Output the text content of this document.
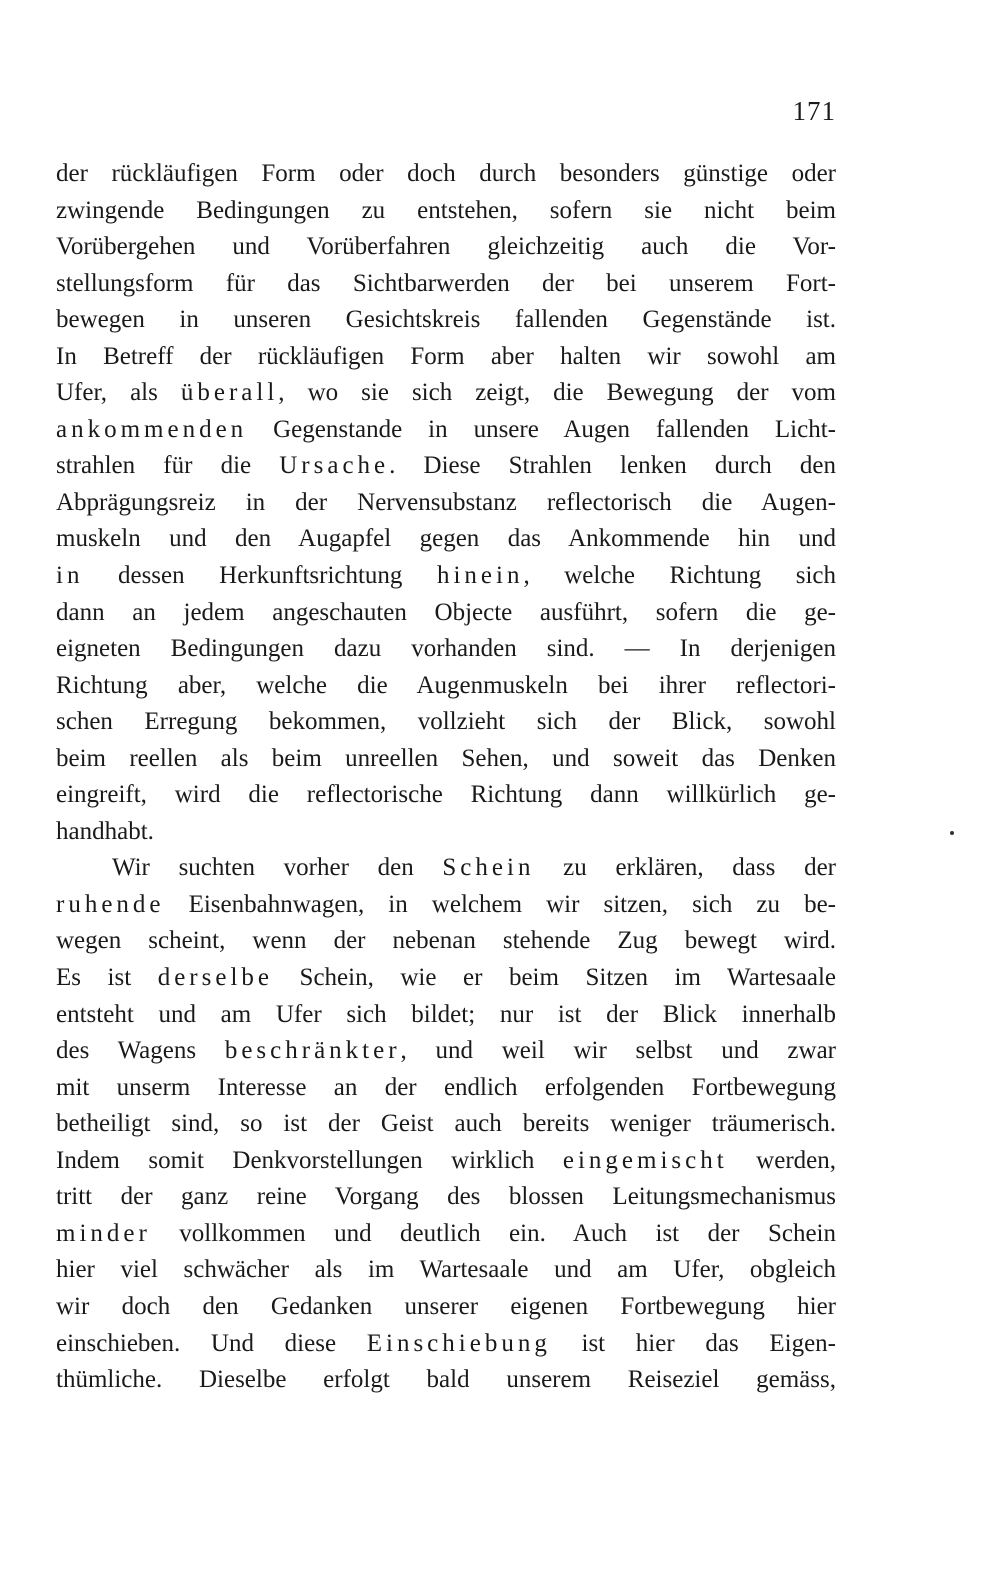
171
der rückläufigen Form oder doch durch besonders günstige oder
zwingende Bedingungen zu entstehen, sofern sie nicht beim
Vorübergehen und Vorüberfahren gleichzeitig auch die Vor-
stellungsform für das Sichtbarwerden der bei unserem Fort-
bewegen in unseren Gesichtskreis fallenden Gegenstände ist.
In Betreff der rückläufigen Form aber halten wir sowohl am
Ufer, als überall, wo sie sich zeigt, die Bewegung der vom
ankommenden Gegenstande in unsere Augen fallenden Licht-
strahlen für die Ursache. Diese Strahlen lenken durch den
Abprägungsreiz in der Nervensubstanz reflectorisch die Augen-
muskeln und den Augapfel gegen das Ankommende hin und
in dessen Herkunftsrichtung hinein, welche Richtung sich
dann an jedem angeschauten Objecte ausführt, sofern die ge-
eigneten Bedingungen dazu vorhanden sind. — In derjenigen
Richtung aber, welche die Augenmuskeln bei ihrer reflectori-
schen Erregung bekommen, vollzieht sich der Blick, sowohl
beim reellen als beim unreellen Sehen, und soweit das Denken
eingreift, wird die reflectorische Richtung dann willkürlich ge-
handhabt.
Wir suchten vorher den Schein zu erklären, dass der
ruhende Eisenbahnwagen, in welchem wir sitzen, sich zu be-
wegen scheint, wenn der nebenan stehende Zug bewegt wird.
Es ist derselbe Schein, wie er beim Sitzen im Wartesaale
entsteht und am Ufer sich bildet; nur ist der Blick innerhalb
des Wagens beschränkter, und weil wir selbst und zwar
mit unserm Interesse an der endlich erfolgenden Fortbewegung
betheiligt sind, so ist der Geist auch bereits weniger träumerisch.
Indem somit Denkvorstellungen wirklich eingemischt werden,
tritt der ganz reine Vorgang des blossen Leitungsmechanismus
minder vollkommen und deutlich ein. Auch ist der Schein
hier viel schwächer als im Wartesaale und am Ufer, obgleich
wir doch den Gedanken unserer eigenen Fortbewegung hier
einschieben. Und diese Einschiebung ist hier das Eigen-
thümliche. Dieselbe erfolgt bald unserem Reiseziel gemäss,
